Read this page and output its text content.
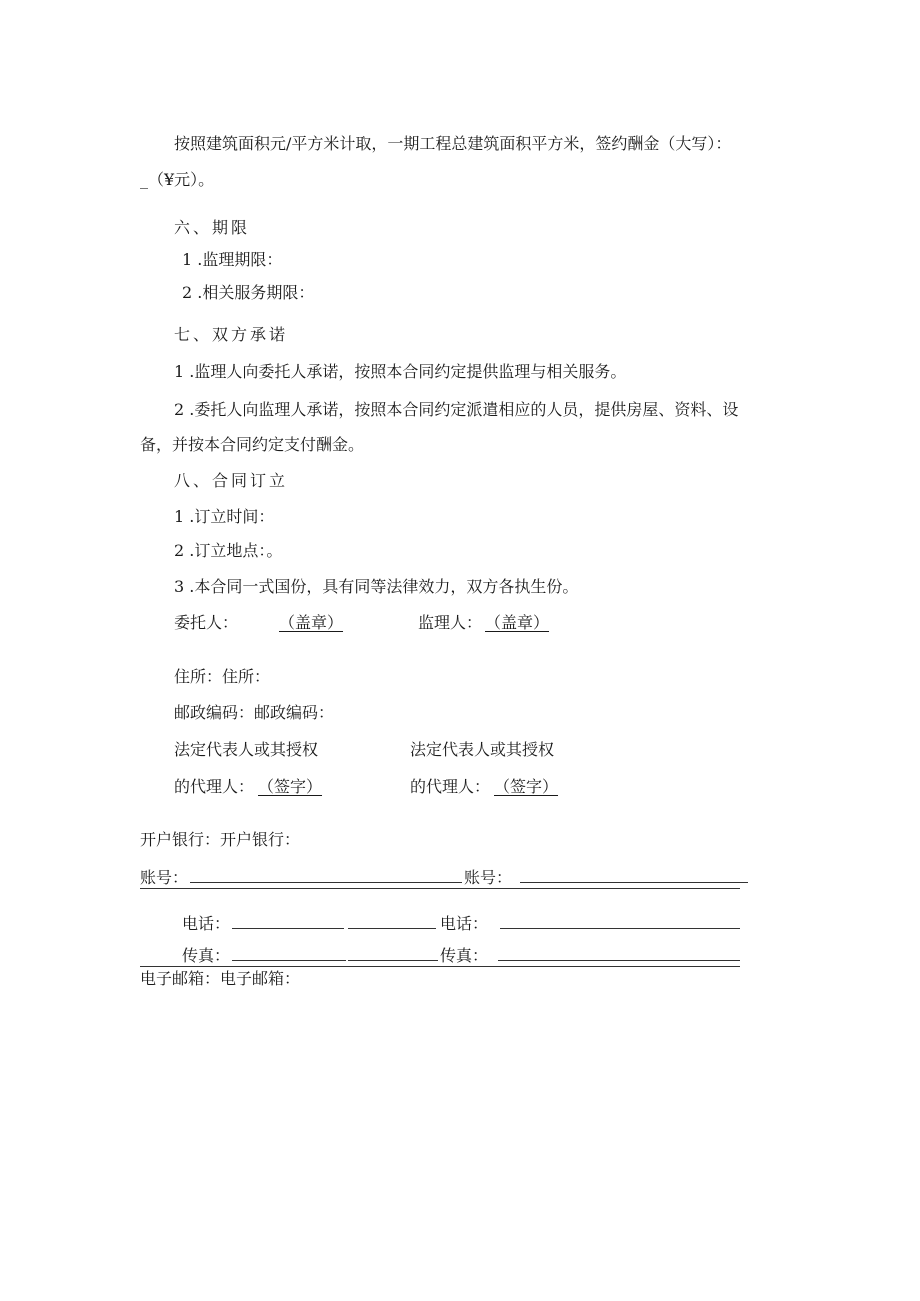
按照建筑面积元/平方米计取，一期工程总建筑面积平方米，签约酬金（大写）：
_（¥元）。
六、期限
1 .监理期限：
2 .相关服务期限：
七、双方承诺
1 .监理人向委托人承诺，按照本合同约定提供监理与相关服务。
2 .委托人向监理人承诺，按照本合同约定派遣相应的人员，提供房屋、资料、设
备，并按本合同约定支付酬金。
八、合同订立
1 .订立时间：
2 .订立地点：。
3 .本合同一式国份，具有同等法律效力，双方各执生份。
委托人：	（盖章）	监理人： （盖章）
住所：住所：
邮政编码：邮政编码：
法定代表人或其授权	法定代表人或其授权
的代理人： （签字）	的代理人： （签字）
开户银行：开户银行：
账号：	账号：
电话：	电话：
传真：	传真：
电子邮箱：电子邮箱：
